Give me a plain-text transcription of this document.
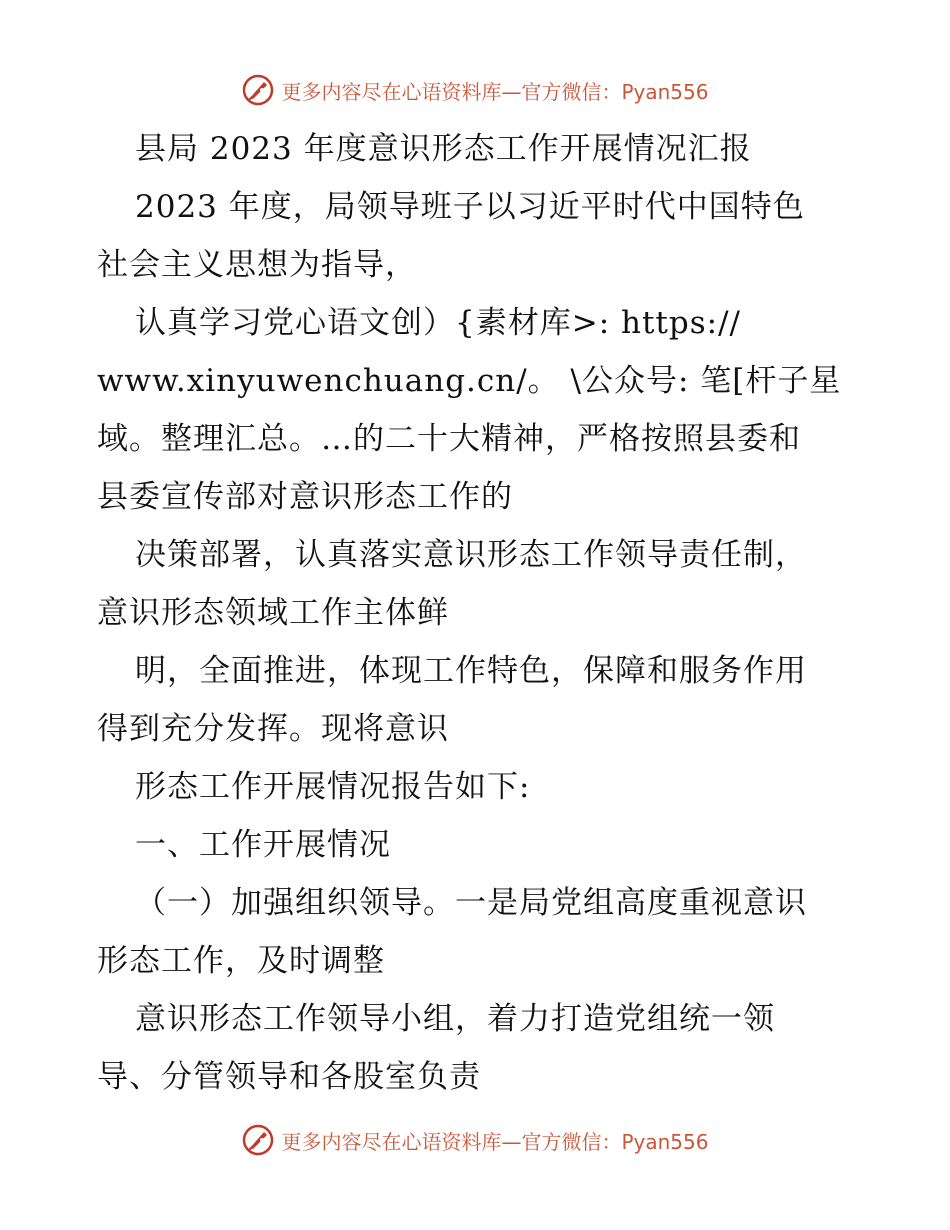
更多内容尽在心语资料库—官方微信：Pyan556
县局 2023 年度意识形态工作开展情况汇报
2023 年度，局领导班子以习近平时代中国特色
社会主义思想为指导，
认真学习党心语文创）{素材库>: https://
www.xinyuwenchuang.cn/。 \公众号: 笔[杆子星
域。整理汇总。…的二十大精神，严格按照县委和
县委宣传部对意识形态工作的
决策部署，认真落实意识形态工作领导责任制，
意识形态领域工作主体鲜
明，全面推进，体现工作特色，保障和服务作用
得到充分发挥。现将意识
形态工作开展情况报告如下:
一、工作开展情况
（一）加强组织领导。一是局党组高度重视意识
形态工作，及时调整
意识形态工作领导小组，着力打造党组统一领
导、分管领导和各股室负责
更多内容尽在心语资料库—官方微信：Pyan556
